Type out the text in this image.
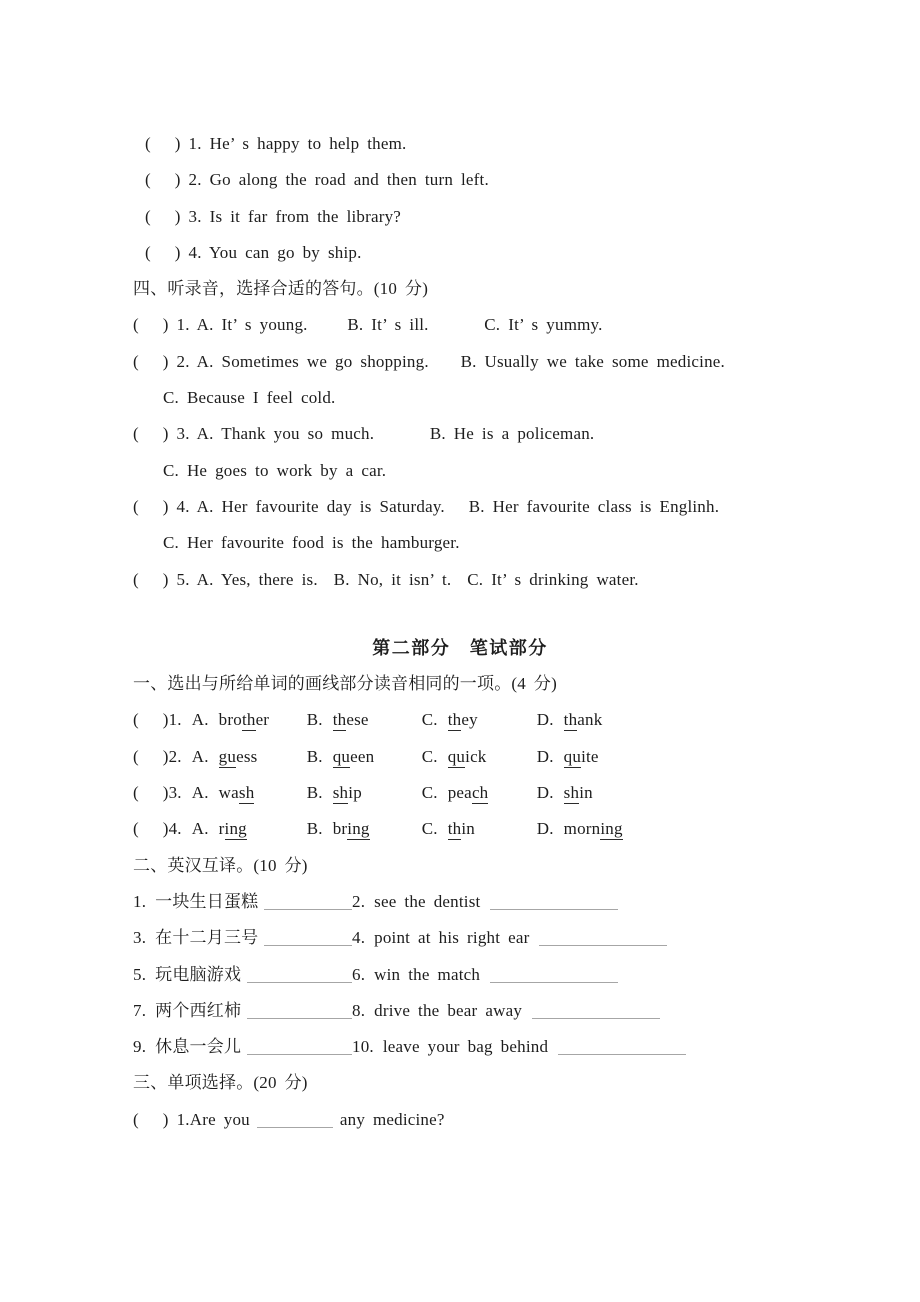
(   ) 1. He’ s happy to help them.
(   ) 2. Go along the road and then turn left.
(   ) 3. Is it far from the library?
(   ) 4. You can go by ship.
四、听录音，选择合适的答句。(10 分)
(   ) 1. A. It’ s young.     B. It’ s ill.       C. It’ s yummy.
(   ) 2. A. Sometimes we go shopping.    B. Usually we take some medicine.
C. Because I feel cold.
(   ) 3. A. Thank you so much.       B. He is a policeman.
C. He goes to work by a car.
(   ) 4. A. Her favourite day is Saturday.   B. Her favourite class is Englinh.
C. Her favourite food is the hamburger.
(   ) 5. A. Yes, there is.  B. No, it isn’ t.  C. It’ s drinking water.
第二部分　笔试部分
一、选出与所给单词的画线部分读音相同的一项。(4 分)
(   )1. A. brother B. these	C. they	D. thank
(   )2. A. guess	B. queen	C. quick	D. quite
(   )3. A. wash	B. ship	C. peach	D. shin
(   )4. A. ring	B. bring	C. thin	D. morning
二、英汉互译。(10 分)
1. 一块生日蛋糕	2. see the dentist
3. 在十二月三号	4. point at his right ear
5. 玩电脑游戏	6. win the match
7. 两个西红柿	8. drive the bear away
9. 休息一会儿	10. leave your bag behind
三、单项选择。(20 分)
(   ) 1.Are you	any medicine?
